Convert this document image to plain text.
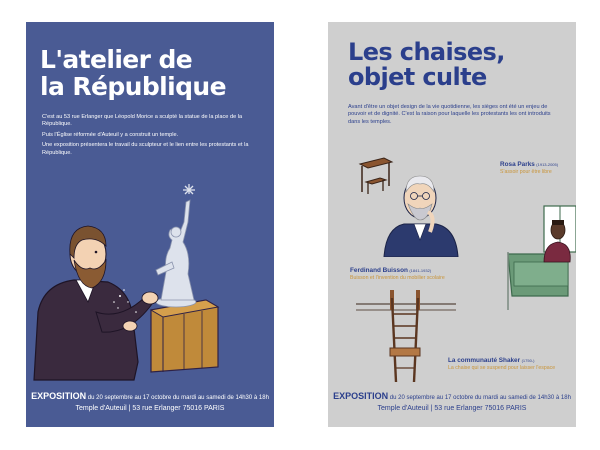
L'atelier de
la République

C'est au 53 rue Erlanger que Léopold Morice a sculpté la statue de la place de la République.

Puis l'Église réformée d'Auteuil y a construit un temple.

Une exposition présentera le travail du sculpteur et le lien entre les protestants et la République.

EXPOSITION du 20 septembre au 17 octobre du mardi au samedi de 14h30 à 18h
Temple d'Auteuil | 53 rue Erlanger 75016 PARIS
Les chaises,
objet culte

Avant d'être un objet design de la vie quotidienne, les sièges ont été un enjeu de pouvoir et de dignité. C'est la raison pour laquelle les protestants les ont introduits dans les temples.

Rosa Parks (1913-2005)
S'assoir pour être libre
Ferdinand Buisson (1841-1932)
Buisson et l'invention du mobilier scolaire
La communauté Shaker (1750-)
La chaise qui se suspend pour laisser l'espace
EXPOSITION du 20 septembre au 17 octobre du mardi au samedi de 14h30 à 18h
Temple d'Auteuil | 53 rue Erlanger 75016 PARIS
